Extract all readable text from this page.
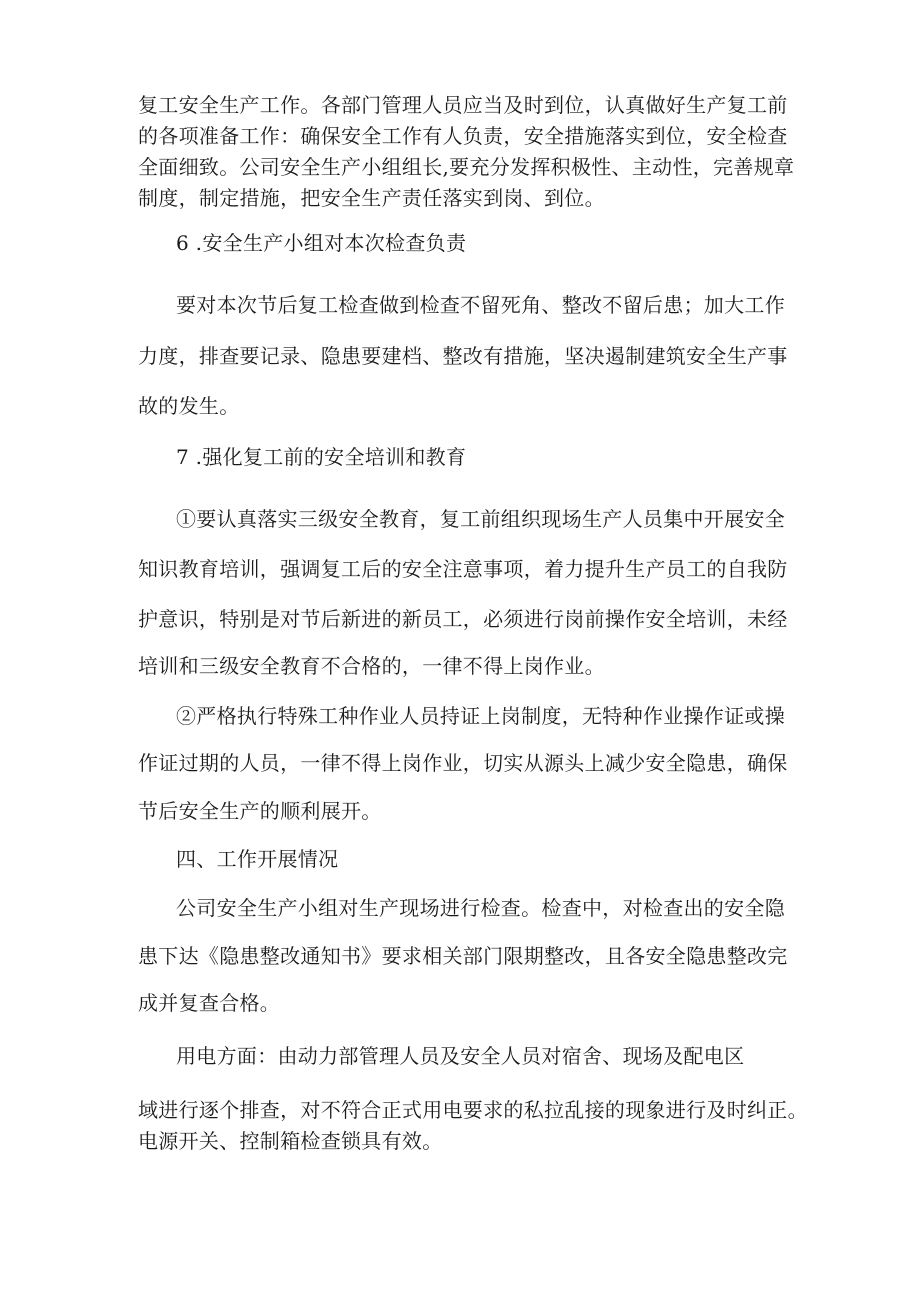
复工安全生产工作。各部门管理人员应当及时到位，认真做好生产复工前
的各项准备工作：确保安全工作有人负责，安全措施落实到位，安全检查
全面细致。公司安全生产小组组长,要充分发挥积极性、主动性，完善规章
制度，制定措施，把安全生产责任落实到岗、到位。
6 .安全生产小组对本次检查负责
要对本次节后复工检查做到检查不留死角、整改不留后患；加大工作
力度，排查要记录、隐患要建档、整改有措施，坚决遏制建筑安全生产事
故的发生。
7 .强化复工前的安全培训和教育
①要认真落实三级安全教育，复工前组织现场生产人员集中开展安全
知识教育培训，强调复工后的安全注意事项，着力提升生产员工的自我防
护意识，特别是对节后新进的新员工，必须进行岗前操作安全培训，未经
培训和三级安全教育不合格的，一律不得上岗作业。
②严格执行特殊工种作业人员持证上岗制度，无特种作业操作证或操
作证过期的人员，一律不得上岗作业，切实从源头上减少安全隐患，确保
节后安全生产的顺利展开。
四、工作开展情况
公司安全生产小组对生产现场进行检查。检查中，对检查出的安全隐
患下达《隐患整改通知书》要求相关部门限期整改，且各安全隐患整改完
成并复查合格。
用电方面：由动力部管理人员及安全人员对宿舍、现场及配电区
域进行逐个排查，对不符合正式用电要求的私拉乱接的现象进行及时纠正。
电源开关、控制箱检查锁具有效。
